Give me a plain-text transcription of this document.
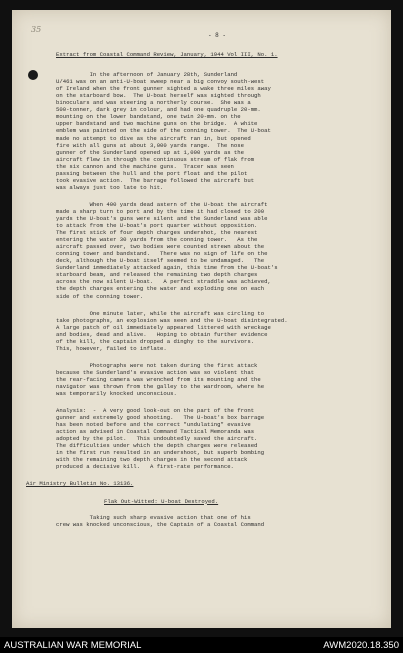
35
- 8 -
Extract from Coastal Command Review, January, 1944 Vol III, No. 1.
In the afternoon of January 28th, Sunderland
U/461 was on an anti-U-boat sweep near a big convoy south-west
of Ireland when the front gunner sighted a wake three miles away
on the starboard bow.  The U-boat herself was sighted through
binoculars and was steering a northerly course.  She was a
500-tonner, dark grey in colour, and had one quadruple 20-mm.
mounting on the lower bandstand, one twin 20-mm. on the
upper bandstand and two machine guns on the bridge.  A white
emblem was painted on the side of the conning tower.  The U-boat
made no attempt to dive as the aircraft ran in, but opened
fire with all guns at about 3,000 yards range.  The nose
gunner of the Sunderland opened up at 1,000 yards as the
aircraft flew in through the continuous stream of flak from
the six cannon and the machine guns.  Tracer was seen
passing between the hull and the port float and the pilot
took evasive action.  The barrage followed the aircraft but
was always just too late to hit.
When 400 yards dead astern of the U-boat the aircraft
made a sharp turn to port and by the time it had closed to 200
yards the U-boat's guns were silent and the Sunderland was able
to attack from the U-boat's port quarter without opposition.
The first stick of four depth charges undershot, the nearest
entering the water 30 yards from the conning tower.   As the
aircraft passed over, two bodies were counted strewn about the
conning tower and bandstand.   There was no sign of life on the
deck, although the U-boat itself seemed to be undamaged.   The
Sunderland immediately attacked again, this time from the U-boat's
starboard beam, and released the remaining two depth charges
across the now silent U-boat.   A perfect straddle was achieved,
the depth charges entering the water and exploding one on each
side of the conning tower.
One minute later, while the aircraft was circling to
take photographs, an explosion was seen and the U-boat disintegrated.
A large patch of oil immediately appeared littered with wreckage
and bodies, dead and alive.   Hoping to obtain further evidence
of the kill, the captain dropped a dinghy to the survivors.
This, however, failed to inflate.
Photographs were not taken during the first attack
because the Sunderland's evasive action was so violent that
the rear-facing camera was wrenched from its mounting and the
navigator was thrown from the galley to the wardroom, where he
was temporarily knocked unconscious.
Analysis:  -  A very good look-out on the part of the front
gunner and extremely good shooting.   The U-boat's box barrage
has been noted before and the correct "undulating" evasive
action as advised in Coastal Command Tactical Memoranda was
adopted by the pilot.   This undoubtedly saved the aircraft.
The difficulties under which the depth charges were released
in the first run resulted in an undershoot, but superb bombing
with the remaining two depth charges in the second attack
produced a decisive kill.   A first-rate performance.
Air Ministry Bulletin No. 13136.
Flak Out-Witted: U-boat Destroyed.
Taking such sharp evasive action that one of his
crew was knocked unconscious, the Captain of a Coastal Command
AUSTRALIAN WAR MEMORIAL	AWM2020.18.350
